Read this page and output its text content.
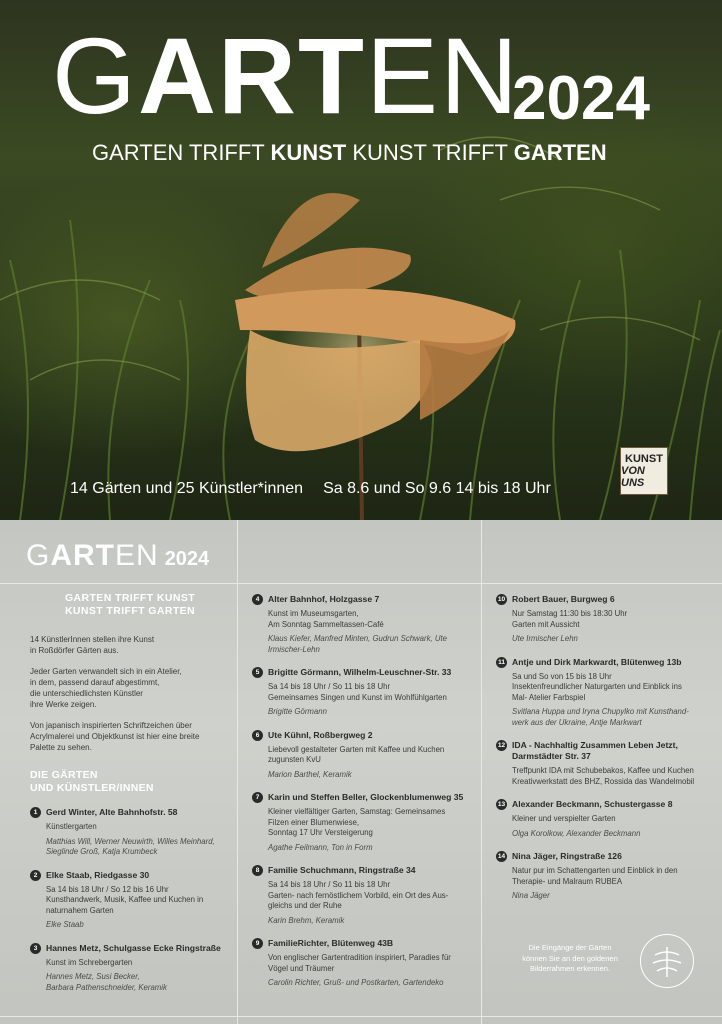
GARTEN
2024
GARTEN TRIFFT KUNST KUNST TRIFFT GARTEN
14 Gärten und 25 Künstler*innen Sa 8.6 und So 9.6 14 bis 18 Uhr
KUNST
VON UNS
GARTEN 2024
GARTEN TRIFFT KUNST
KUNST TRIFFT GARTEN
14 KünstlerInnen stellen ihre Kunst
in Roßdörfer Gärten aus.
Jeder Garten verwandelt sich in ein Atelier,
in dem, passend darauf abgestimmt,
die unterschiedlichsten Künstler
ihre Werke zeigen.
Von japanisch inspirierten Schriftzeichen über
Acrylmalerei und Objektkunst ist hier eine breite
Palette zu sehen.
DIE GÄRTEN
UND KÜNSTLER/INNEN
1	Gerd Winter, Alte Bahnhofstr. 58
Künstlergarten
Matthias Will, Werner Neuwirth, Willes Meinhard,
Sieglinde Groß, Katja Krumbeck
2	Elke Staab, Riedgasse 30
Sa 14 bis 18 Uhr / So 12 bis 16 Uhr
Kunsthandwerk, Musik, Kaffee und Kuchen in
naturnahem Garten
Elke Staab
3	Hannes Metz, Schulgasse Ecke Ringstraße
Kunst im Schrebergarten
Hannes Metz, Susi Becker,
Barbara Pathenschneider, Keramik
4	Alter Bahnhof, Holzgasse 7
Kunst im Museumsgarten,
Am Sonntag Sammeltassen-Café
Klaus Kiefer, Manfred Minten, Gudrun Schwark, Ute
Irmischer-Lehn
5	Brigitte Görmann, Wilhelm-Leuschner-Str. 33
Sa 14 bis 18 Uhr / So 11 bis 18 Uhr
Gemeinsames Singen und Kunst im Wohlfühlgarten
Brigitte Görmann
6	Ute Kühnl, Roßbergweg 2
Liebevoll gestalteter Garten mit Kaffee und Kuchen
zugunsten KvU
Marion Barthel, Keramik
7	Karin und Steffen Beller, Glockenblumenweg 35
Kleiner vielfältiger Garten, Samstag: Gemeinsames
Filzen einer Blumenwiese,
Sonntag 17 Uhr Versteigerung
Agathe Feilmann, Ton in Form
8	Familie Schuchmann, Ringstraße 34
Sa 14 bis 18 Uhr / So 11 bis 18 Uhr
Garten- nach fernöstlichem Vorbild, ein Ort des Aus-
gleichs und der Ruhe
Karin Brehm, Keramik
9	FamilieRichter, Blütenweg 43B
Von englischer Gartentradition inspiriert, Paradies für
Vögel und Träumer
Carolin Richter, Gruß- und Postkarten, Gartendeko
10 Robert Bauer, Burgweg 6
Nur Samstag 11:30 bis 18:30 Uhr
Garten mit Aussicht
Ute Irmischer Lehn
11 Antje und Dirk Markwardt, Blütenweg 13b
Sa und So von 15 bis 18 Uhr
Insektenfreundlicher Naturgarten und Einblick ins
Mal- Atelier Farbspiel
Svitlana Huppa und Iryna Chupylko mit Kunsthand-
werk aus der Ukraine, Antje Markwart
12 IDA - Nachhaltig Zusammen Leben Jetzt,
Darmstädter Str. 37
Treffpunkt IDA mit Schubebakos, Kaffee und Kuchen
Kreativwerkstatt des BHZ, Rossida das Wandelmobil
13 Alexander Beckmann, Schustergasse 8
Kleiner und verspielter Garten
Olga Korolkow, Alexander Beckmann
14 Nina Jäger, Ringstraße 126
Natur pur im Schattengarten und Einblick in den
Therapie- und Malraum RUBEA
Nina Jäger
Die Eingänge der Gärten
können Sie an den goldenen
Bilderrahmen erkennen.
